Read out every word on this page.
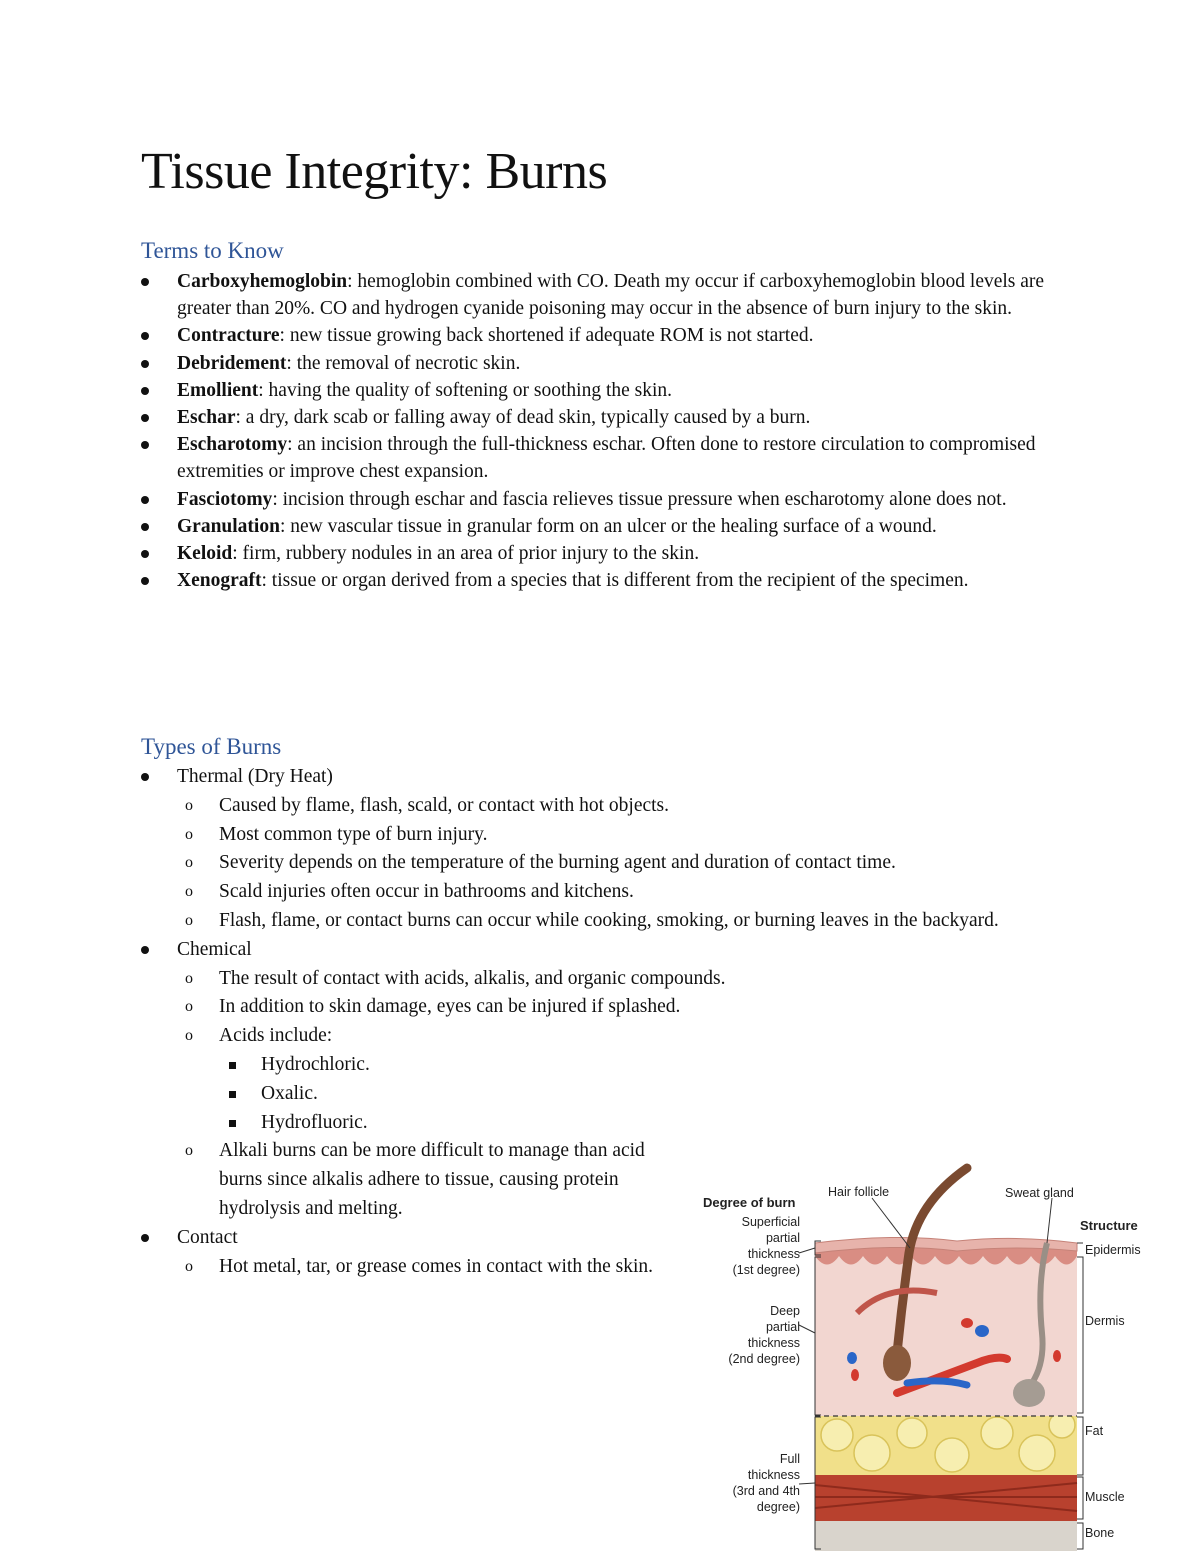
Tissue Integrity: Burns
Terms to Know
Carboxyhemoglobin: hemoglobin combined with CO. Death my occur if carboxyhemoglobin blood levels are greater than 20%. CO and hydrogen cyanide poisoning may occur in the absence of burn injury to the skin.
Contracture: new tissue growing back shortened if adequate ROM is not started.
Debridement: the removal of necrotic skin.
Emollient: having the quality of softening or soothing the skin.
Eschar: a dry, dark scab or falling away of dead skin, typically caused by a burn.
Escharotomy: an incision through the full-thickness eschar. Often done to restore circulation to compromised extremities or improve chest expansion.
Fasciotomy: incision through eschar and fascia relieves tissue pressure when escharotomy alone does not.
Granulation: new vascular tissue in granular form on an ulcer or the healing surface of a wound.
Keloid: firm, rubbery nodules in an area of prior injury to the skin.
Xenograft: tissue or organ derived from a species that is different from the recipient of the specimen.
Types of Burns
Thermal (Dry Heat)
o Caused by flame, flash, scald, or contact with hot objects.
o Most common type of burn injury.
o Severity depends on the temperature of the burning agent and duration of contact time.
o Scald injuries often occur in bathrooms and kitchens.
o Flash, flame, or contact burns can occur while cooking, smoking, or burning leaves in the backyard.
Chemical
o The result of contact with acids, alkalis, and organic compounds.
o In addition to skin damage, eyes can be injured if splashed.
o Acids include:
Hydrochloric.
Oxalic.
Hydrofluoric.
o Alkali burns can be more difficult to manage than acid burns since alkalis adhere to tissue, causing protein hydrolysis and melting.
Contact
o Hot metal, tar, or grease comes in contact with the skin.
Degree of burn
Structure
Hair follicle	Sweat gland
Superficial
partial
thickness
(1st degree)
Deep
partial
thickness
(2nd degree)
Full
thickness
(3rd and 4th
degree)
Epidermis
Dermis
Fat
Muscle
Bone
